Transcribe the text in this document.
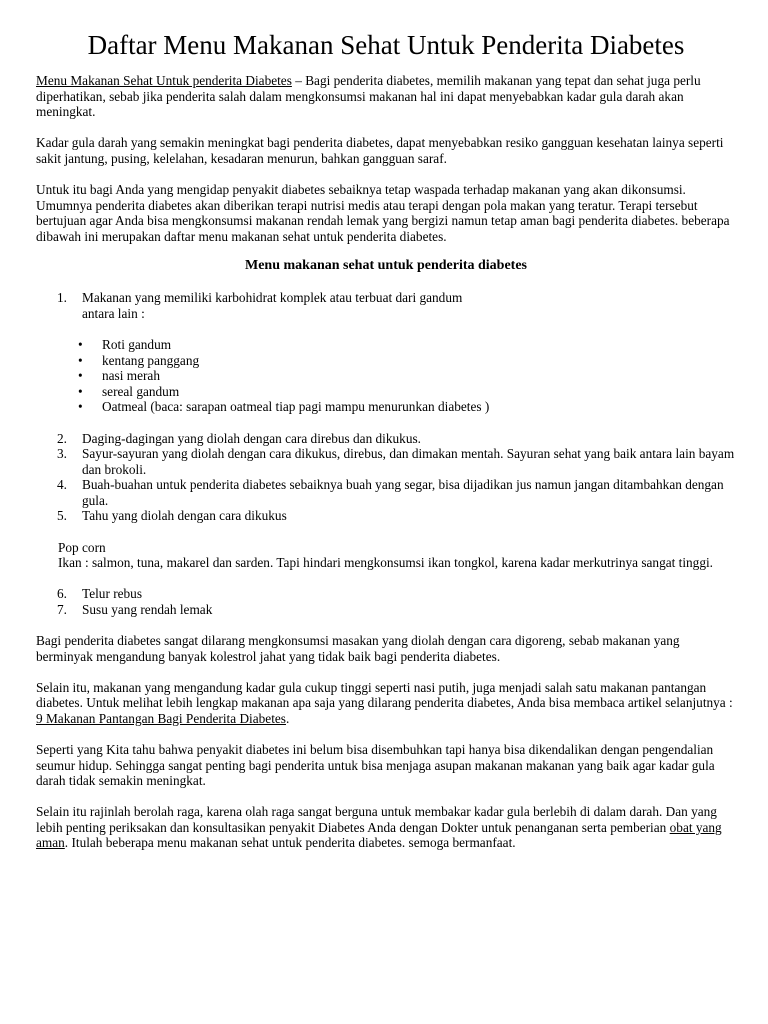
Daftar Menu Makanan Sehat Untuk Penderita Diabetes

Menu Makanan Sehat Untuk penderita Diabetes – Bagi penderita diabetes, memilih makanan yang tepat dan sehat juga perlu diperhatikan, sebab jika penderita salah dalam mengkonsumsi makanan hal ini dapat menyebabkan kadar gula darah akan meningkat.

Kadar gula darah yang semakin meningkat bagi penderita diabetes, dapat menyebabkan resiko gangguan kesehatan lainya seperti sakit jantung, pusing, kelelahan, kesadaran menurun, bahkan gangguan saraf.

Untuk itu bagi Anda yang mengidap penyakit diabetes sebaiknya tetap waspada terhadap makanan yang akan dikonsumsi. Umumnya penderita diabetes akan diberikan terapi nutrisi medis atau terapi dengan pola makan yang teratur. Terapi tersebut bertujuan agar Anda bisa mengkonsumsi makanan rendah lemak yang bergizi namun tetap aman bagi penderita diabetes. beberapa dibawah ini merupakan daftar menu makanan sehat untuk penderita diabetes.

Menu makanan sehat untuk penderita diabetes

1. Makanan yang memiliki karbohidrat komplek atau terbuat dari gandum antara lain :
• Roti gandum
• kentang panggang
• nasi merah
• sereal gandum
• Oatmeal (baca: sarapan oatmeal tiap pagi mampu menurunkan diabetes )
2. Daging-dagingan yang diolah dengan cara direbus dan dikukus.
3. Sayur-sayuran yang diolah dengan cara dikukus, direbus, dan dimakan mentah. Sayuran sehat yang baik antara lain bayam dan brokoli.
4. Buah-buahan untuk penderita diabetes sebaiknya buah yang segar, bisa dijadikan jus namun jangan ditambahkan dengan gula.
5. Tahu yang diolah dengan cara dikukus

Pop corn

Ikan : salmon, tuna, makarel dan sarden. Tapi hindari mengkonsumsi ikan tongkol, karena kadar merkutrinya sangat tinggi.

6. Telur rebus
7. Susu yang rendah lemak

Bagi penderita diabetes sangat dilarang mengkonsumsi masakan yang diolah dengan cara digoreng, sebab makanan yang berminyak mengandung banyak kolestrol jahat yang tidak baik bagi penderita diabetes.

Selain itu, makanan yang mengandung kadar gula cukup tinggi seperti nasi putih, juga menjadi salah satu makanan pantangan diabetes. Untuk melihat lebih lengkap makanan apa saja yang dilarang penderita diabetes, Anda bisa membaca artikel selanjutnya : 9 Makanan Pantangan Bagi Penderita Diabetes.

Seperti yang Kita tahu bahwa penyakit diabetes ini belum bisa disembuhkan tapi hanya bisa dikendalikan dengan pengendalian seumur hidup. Sehingga sangat penting bagi penderita untuk bisa menjaga asupan makanan makanan yang baik agar kadar gula darah tidak semakin meningkat.

Selain itu rajinlah berolah raga, karena olah raga sangat berguna untuk membakar kadar gula berlebih di dalam darah. Dan yang lebih penting periksakan dan konsultasikan penyakit Diabetes Anda dengan Dokter untuk penanganan serta pemberian obat yang aman. Itulah beberapa menu makanan sehat untuk penderita diabetes. semoga bermanfaat.
